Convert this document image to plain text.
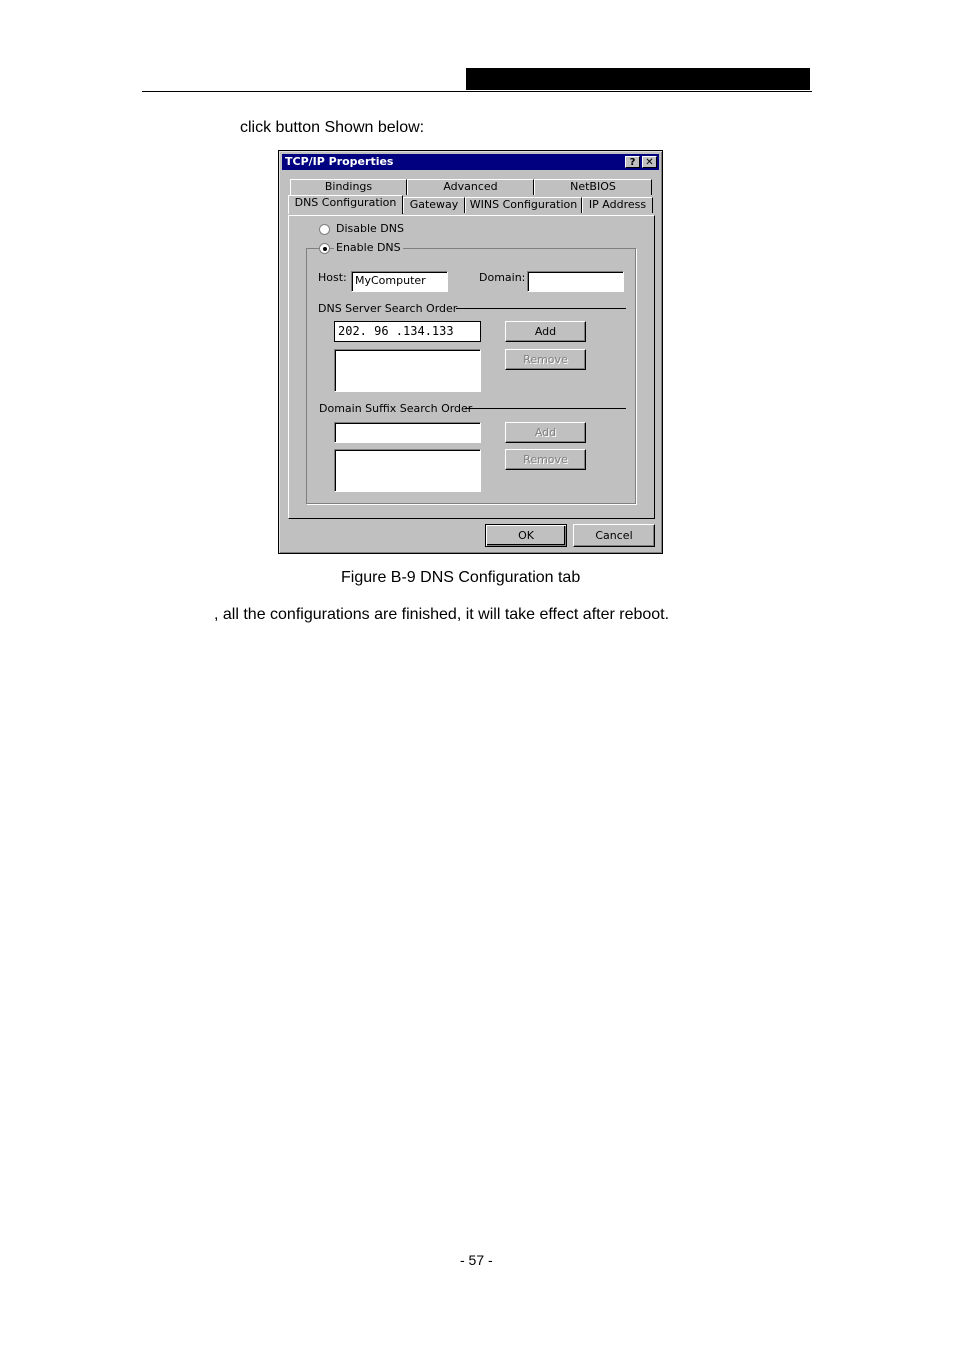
click button Shown below:
TCP/IP Properties	? ✕
Bindings	Advanced	NetBIOS
DNS Configuration	Gateway	WINS Configuration	IP Address
Disable DNS
Enable DNS
Host: MyComputer	Domain:
DNS Server Search Order
202. 96 .134.133	Add
Remove
Domain Suffix Search Order
Add
Remove
OK	Cancel
Figure B-9 DNS Configuration tab
, all the configurations are finished, it will take effect after reboot.
- 57 -
